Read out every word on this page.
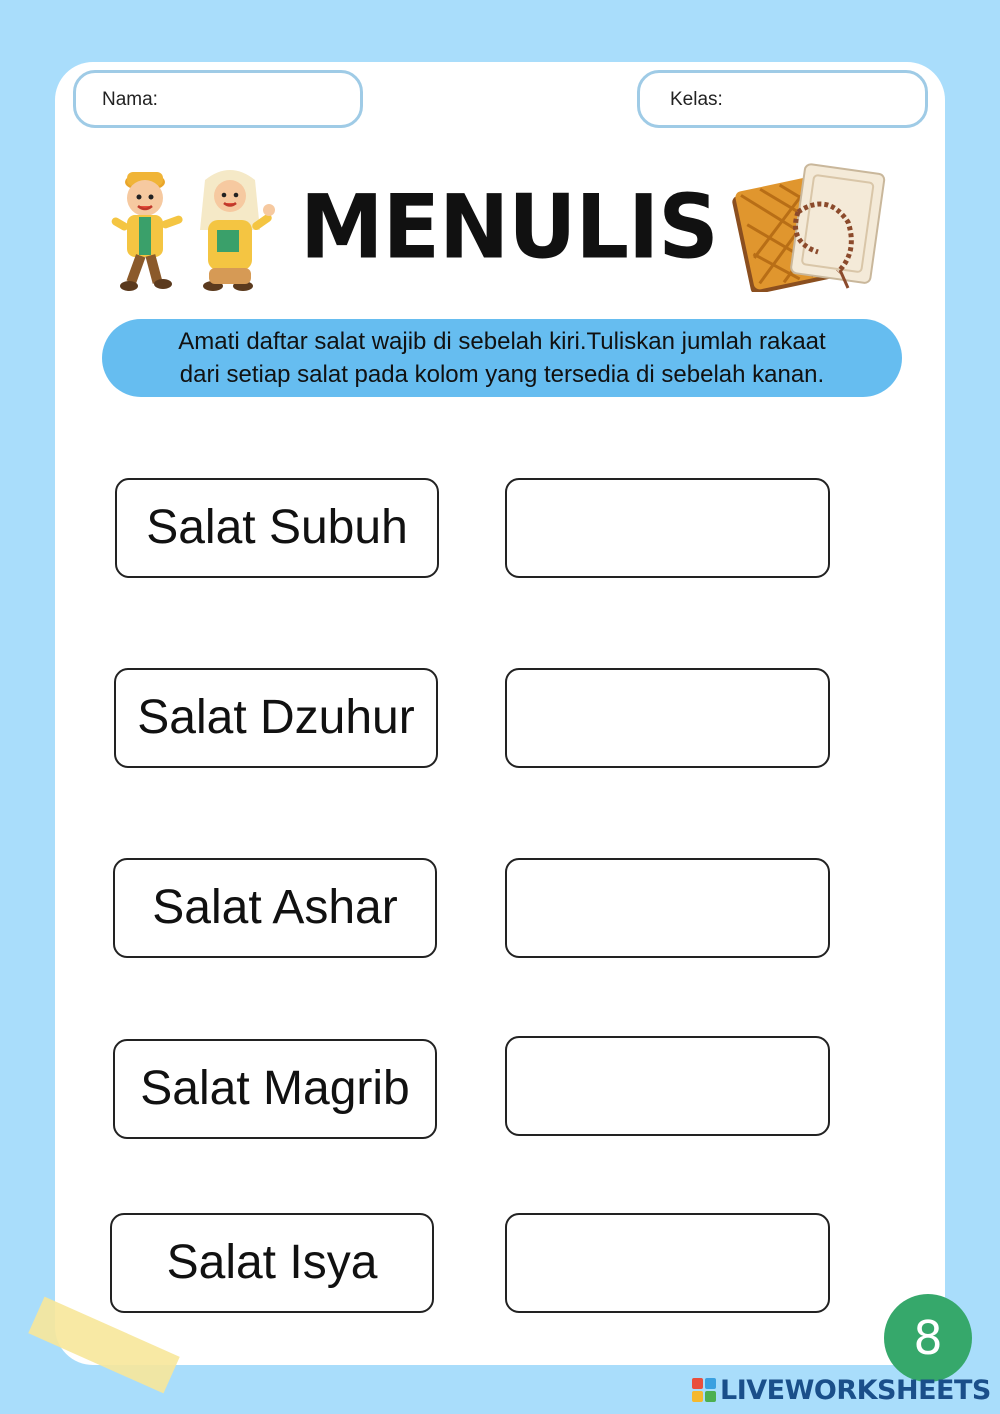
Nama:	Kelas:
MENULIS
Amati daftar salat wajib di sebelah kiri.Tuliskan jumlah rakaat
dari setiap salat pada kolom yang tersedia di sebelah kanan.
Salat Subuh
Salat Dzuhur
Salat Ashar
Salat Magrib
Salat Isya
8
LIVEWORKSHEETS
